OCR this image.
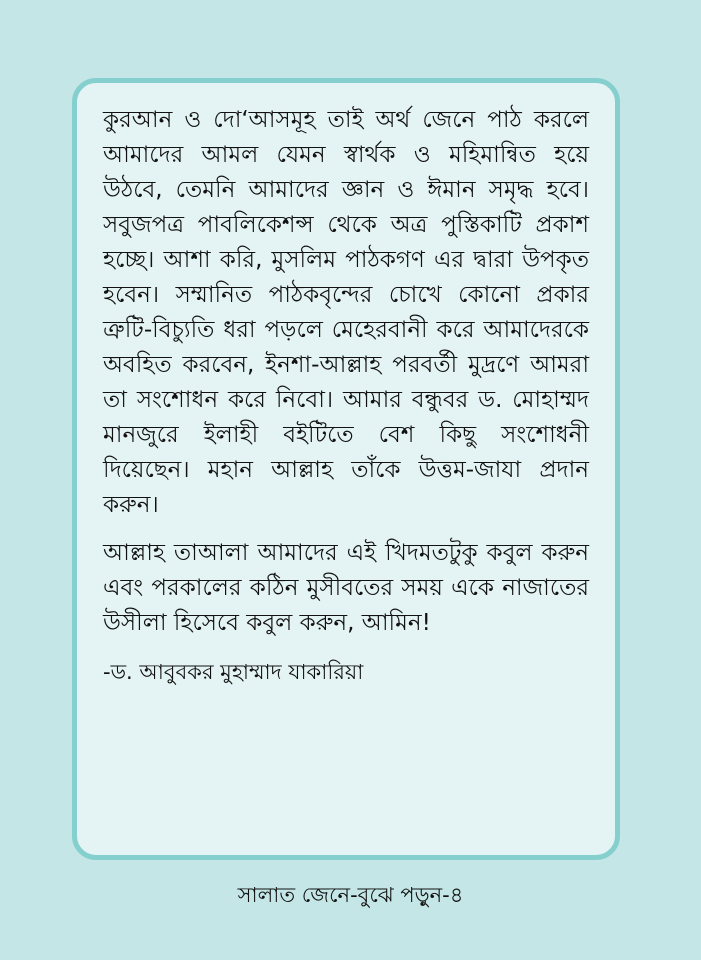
কুরআন ও দো‘আসমূহ তাই অর্থ জেনে পাঠ করলে আমাদের আমল যেমন স্বার্থক ও মহিমান্বিত হয়ে উঠবে, তেমনি আমাদের জ্ঞান ও ঈমান সমৃদ্ধ হবে। সবুজপত্র পাবলিকেশন্স থেকে অত্র পুস্তিকাটি প্রকাশ হচ্ছে। আশা করি, মুসলিম পাঠকগণ এর দ্বারা উপকৃত হবেন। সম্মানিত পাঠকবৃন্দের চোখে কোনো প্রকার ত্রুটি-বিচ্যুতি ধরা পড়লে মেহেরবানী করে আমাদেরকে অবহিত করবেন, ইনশা-আল্লাহ পরবর্তী মুদ্রণে আমরা তা সংশোধন করে নিবো। আমার বন্ধুবর ড. মোহাম্মদ মানজুরে ইলাহী বইটিতে বেশ কিছু সংশোধনী দিয়েছেন। মহান আল্লাহ তাঁকে উত্তম-জাযা প্রদান করুন।

আল্লাহ তাআলা আমাদের এই খিদমতটুকু কবুল করুন এবং পরকালের কঠিন মুসীবতের সময় একে নাজাতের উসীলা হিসেবে কবুল করুন, আমিন!

-ড. আবুবকর মুহাম্মাদ যাকারিয়া

সালাত জেনে-বুঝে পড়ুন-৪
